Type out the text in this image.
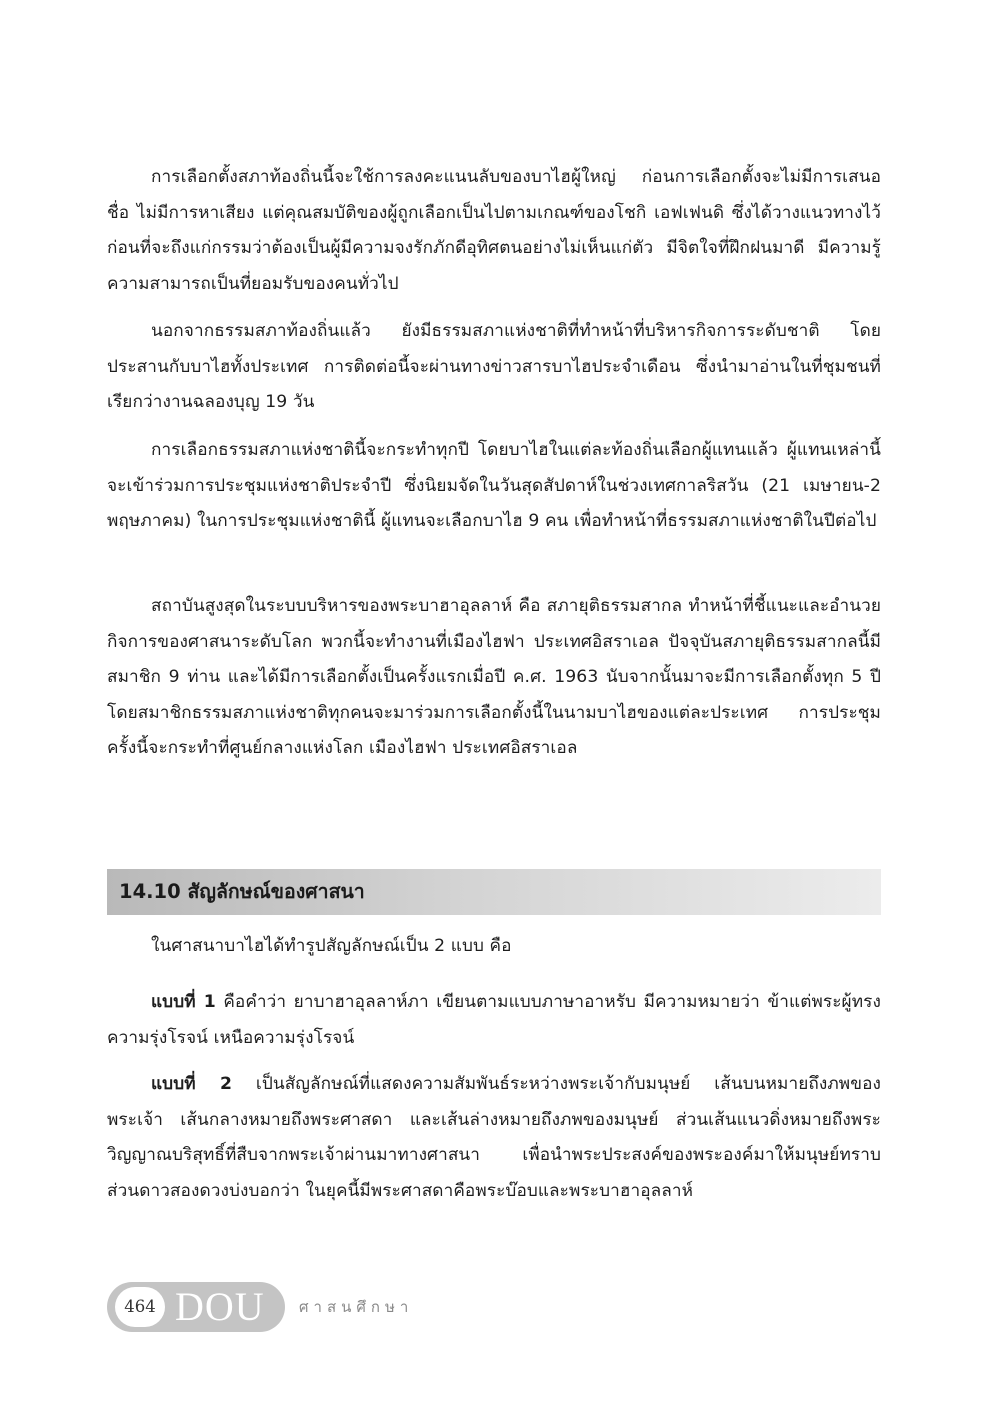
การเลือกตั้งสภาท้องถิ่นนี้จะใช้การลงคะแนนลับของบาไฮผู้ใหญ่ ก่อนการเลือกตั้งจะไม่มีการเสนอชื่อ ไม่มีการหาเสียง แต่คุณสมบัติของผู้ถูกเลือกเป็นไปตามเกณฑ์ของโชกิ เอฟเฟนดิ ซึ่งได้วางแนวทางไว้ก่อนที่จะถึงแก่กรรมว่าต้องเป็นผู้มีความจงรักภักดีอุทิศตนอย่างไม่เห็นแก่ตัว มีจิตใจที่ฝึกฝนมาดี มีความรู้ความสามารถเป็นที่ยอมรับของคนทั่วไป

นอกจากธรรมสภาท้องถิ่นแล้ว ยังมีธรรมสภาแห่งชาติที่ทำหน้าที่บริหารกิจการระดับชาติ โดยประสานกับบาไฮทั้งประเทศ การติดต่อนี้จะผ่านทางข่าวสารบาไฮประจำเดือน ซึ่งนำมาอ่านในที่ชุมชนที่เรียกว่างานฉลองบุญ 19 วัน

การเลือกธรรมสภาแห่งชาตินี้จะกระทำทุกปี โดยบาไฮในแต่ละท้องถิ่นเลือกผู้แทนแล้ว ผู้แทนเหล่านี้จะเข้าร่วมการประชุมแห่งชาติประจำปี ซึ่งนิยมจัดในวันสุดสัปดาห์ในช่วงเทศกาลริสวัน (21 เมษายน-2 พฤษภาคม) ในการประชุมแห่งชาตินี้ ผู้แทนจะเลือกบาไฮ 9 คน เพื่อทำหน้าที่ธรรมสภาแห่งชาติในปีต่อไป

สถาบันสูงสุดในระบบบริหารของพระบาฮาอุลลาห์ คือ สภายุติธรรมสากล ทำหน้าที่ชี้แนะและอำนวยกิจการของศาสนาระดับโลก พวกนี้จะทำงานที่เมืองไฮฟา ประเทศอิสราเอล ปัจจุบันสภายุติธรรมสากลนี้มีสมาชิก 9 ท่าน และได้มีการเลือกตั้งเป็นครั้งแรกเมื่อปี ค.ศ. 1963 นับจากนั้นมาจะมีการเลือกตั้งทุก 5 ปี โดยสมาชิกธรรมสภาแห่งชาติทุกคนจะมาร่วมการเลือกตั้งนี้ในนามบาไฮของแต่ละประเทศ การประชุมครั้งนี้จะกระทำที่ศูนย์กลางแห่งโลก เมืองไฮฟา ประเทศอิสราเอล

14.10 สัญลักษณ์ของศาสนา

ในศาสนาบาไฮได้ทำรูปสัญลักษณ์เป็น 2 แบบ คือ

แบบที่ 1 คือคำว่า ยาบาฮาอุลลาห์ภา เขียนตามแบบภาษาอาหรับ มีความหมายว่า ข้าแต่พระผู้ทรงความรุ่งโรจน์ เหนือความรุ่งโรจน์

แบบที่ 2 เป็นสัญลักษณ์ที่แสดงความสัมพันธ์ระหว่างพระเจ้ากับมนุษย์ เส้นบนหมายถึงภพของพระเจ้า เส้นกลางหมายถึงพระศาสดา และเส้นล่างหมายถึงภพของมนุษย์ ส่วนเส้นแนวดิ่งหมายถึงพระวิญญาณบริสุทธิ์ที่สืบจากพระเจ้าผ่านมาทางศาสนา เพื่อนำพระประสงค์ของพระองค์มาให้มนุษย์ทราบ ส่วนดาวสองดวงบ่งบอกว่า ในยุคนี้มีพระศาสดาคือพระบ๊อบและพระบาฮาอุลลาห์

464 DOU ศาสนศึกษา
